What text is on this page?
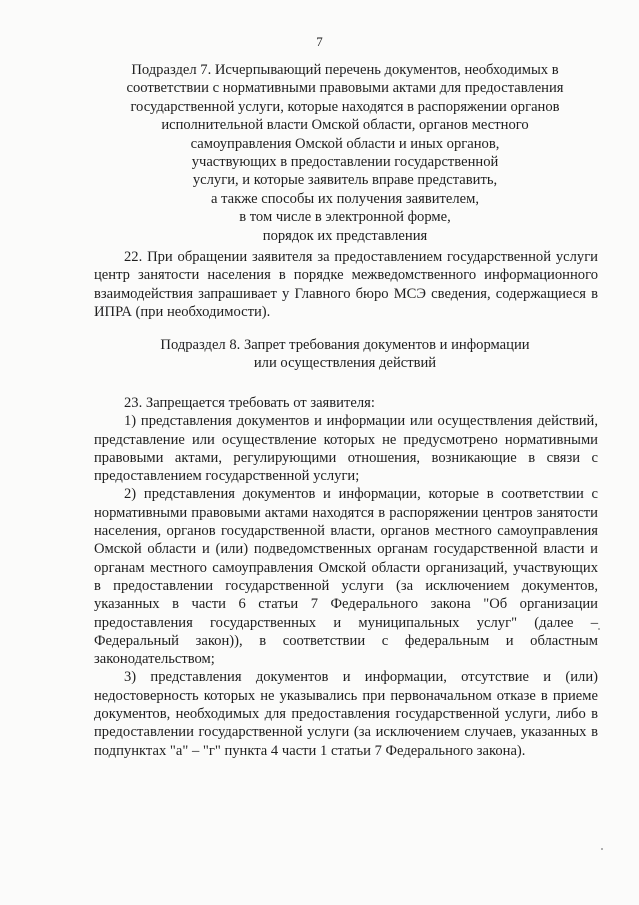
7
Подраздел 7. Исчерпывающий перечень документов, необходимых в
соответствии с нормативными правовыми актами для предоставления
государственной услуги, которые находятся в распоряжении органов
исполнительной власти Омской области, органов местного
самоуправления Омской области и иных органов,
участвующих в предоставлении государственной
услуги, и которые заявитель вправе представить,
а также способы их получения заявителем,
в том числе в электронной форме,
порядок их представления
22. При обращении заявителя за предоставлением государственной услуги центр занятости населения в порядке межведомственного информационного взаимодействия запрашивает у Главного бюро МСЭ сведения, содержащиеся в ИПРА (при необходимости).
Подраздел 8. Запрет требования документов и информации
или осуществления действий
23. Запрещается требовать от заявителя:
1) представления документов и информации или осуществления действий, представление или осуществление которых не предусмотрено нормативными правовыми актами, регулирующими отношения, возникающие в связи с предоставлением государственной услуги;
2) представления документов и информации, которые в соответствии с нормативными правовыми актами находятся в распоряжении центров занятости населения, органов государственной власти, органов местного самоуправления Омской области и (или) подведомственных органам государственной власти и органам местного самоуправления Омской области организаций, участвующих в предоставлении государственной услуги (за исключением документов, указанных в части 6 статьи 7 Федерального закона "Об организации предоставления государственных и муниципальных услуг" (далее – Федеральный закон)), в соответствии с федеральным и областным законодательством;
3) представления документов и информации, отсутствие и (или) недостоверность которых не указывались при первоначальном отказе в приеме документов, необходимых для предоставления государственной услуги, либо в предоставлении государственной услуги (за исключением случаев, указанных в подпунктах "а" – "г" пункта 4 части 1 статьи 7 Федерального закона).
